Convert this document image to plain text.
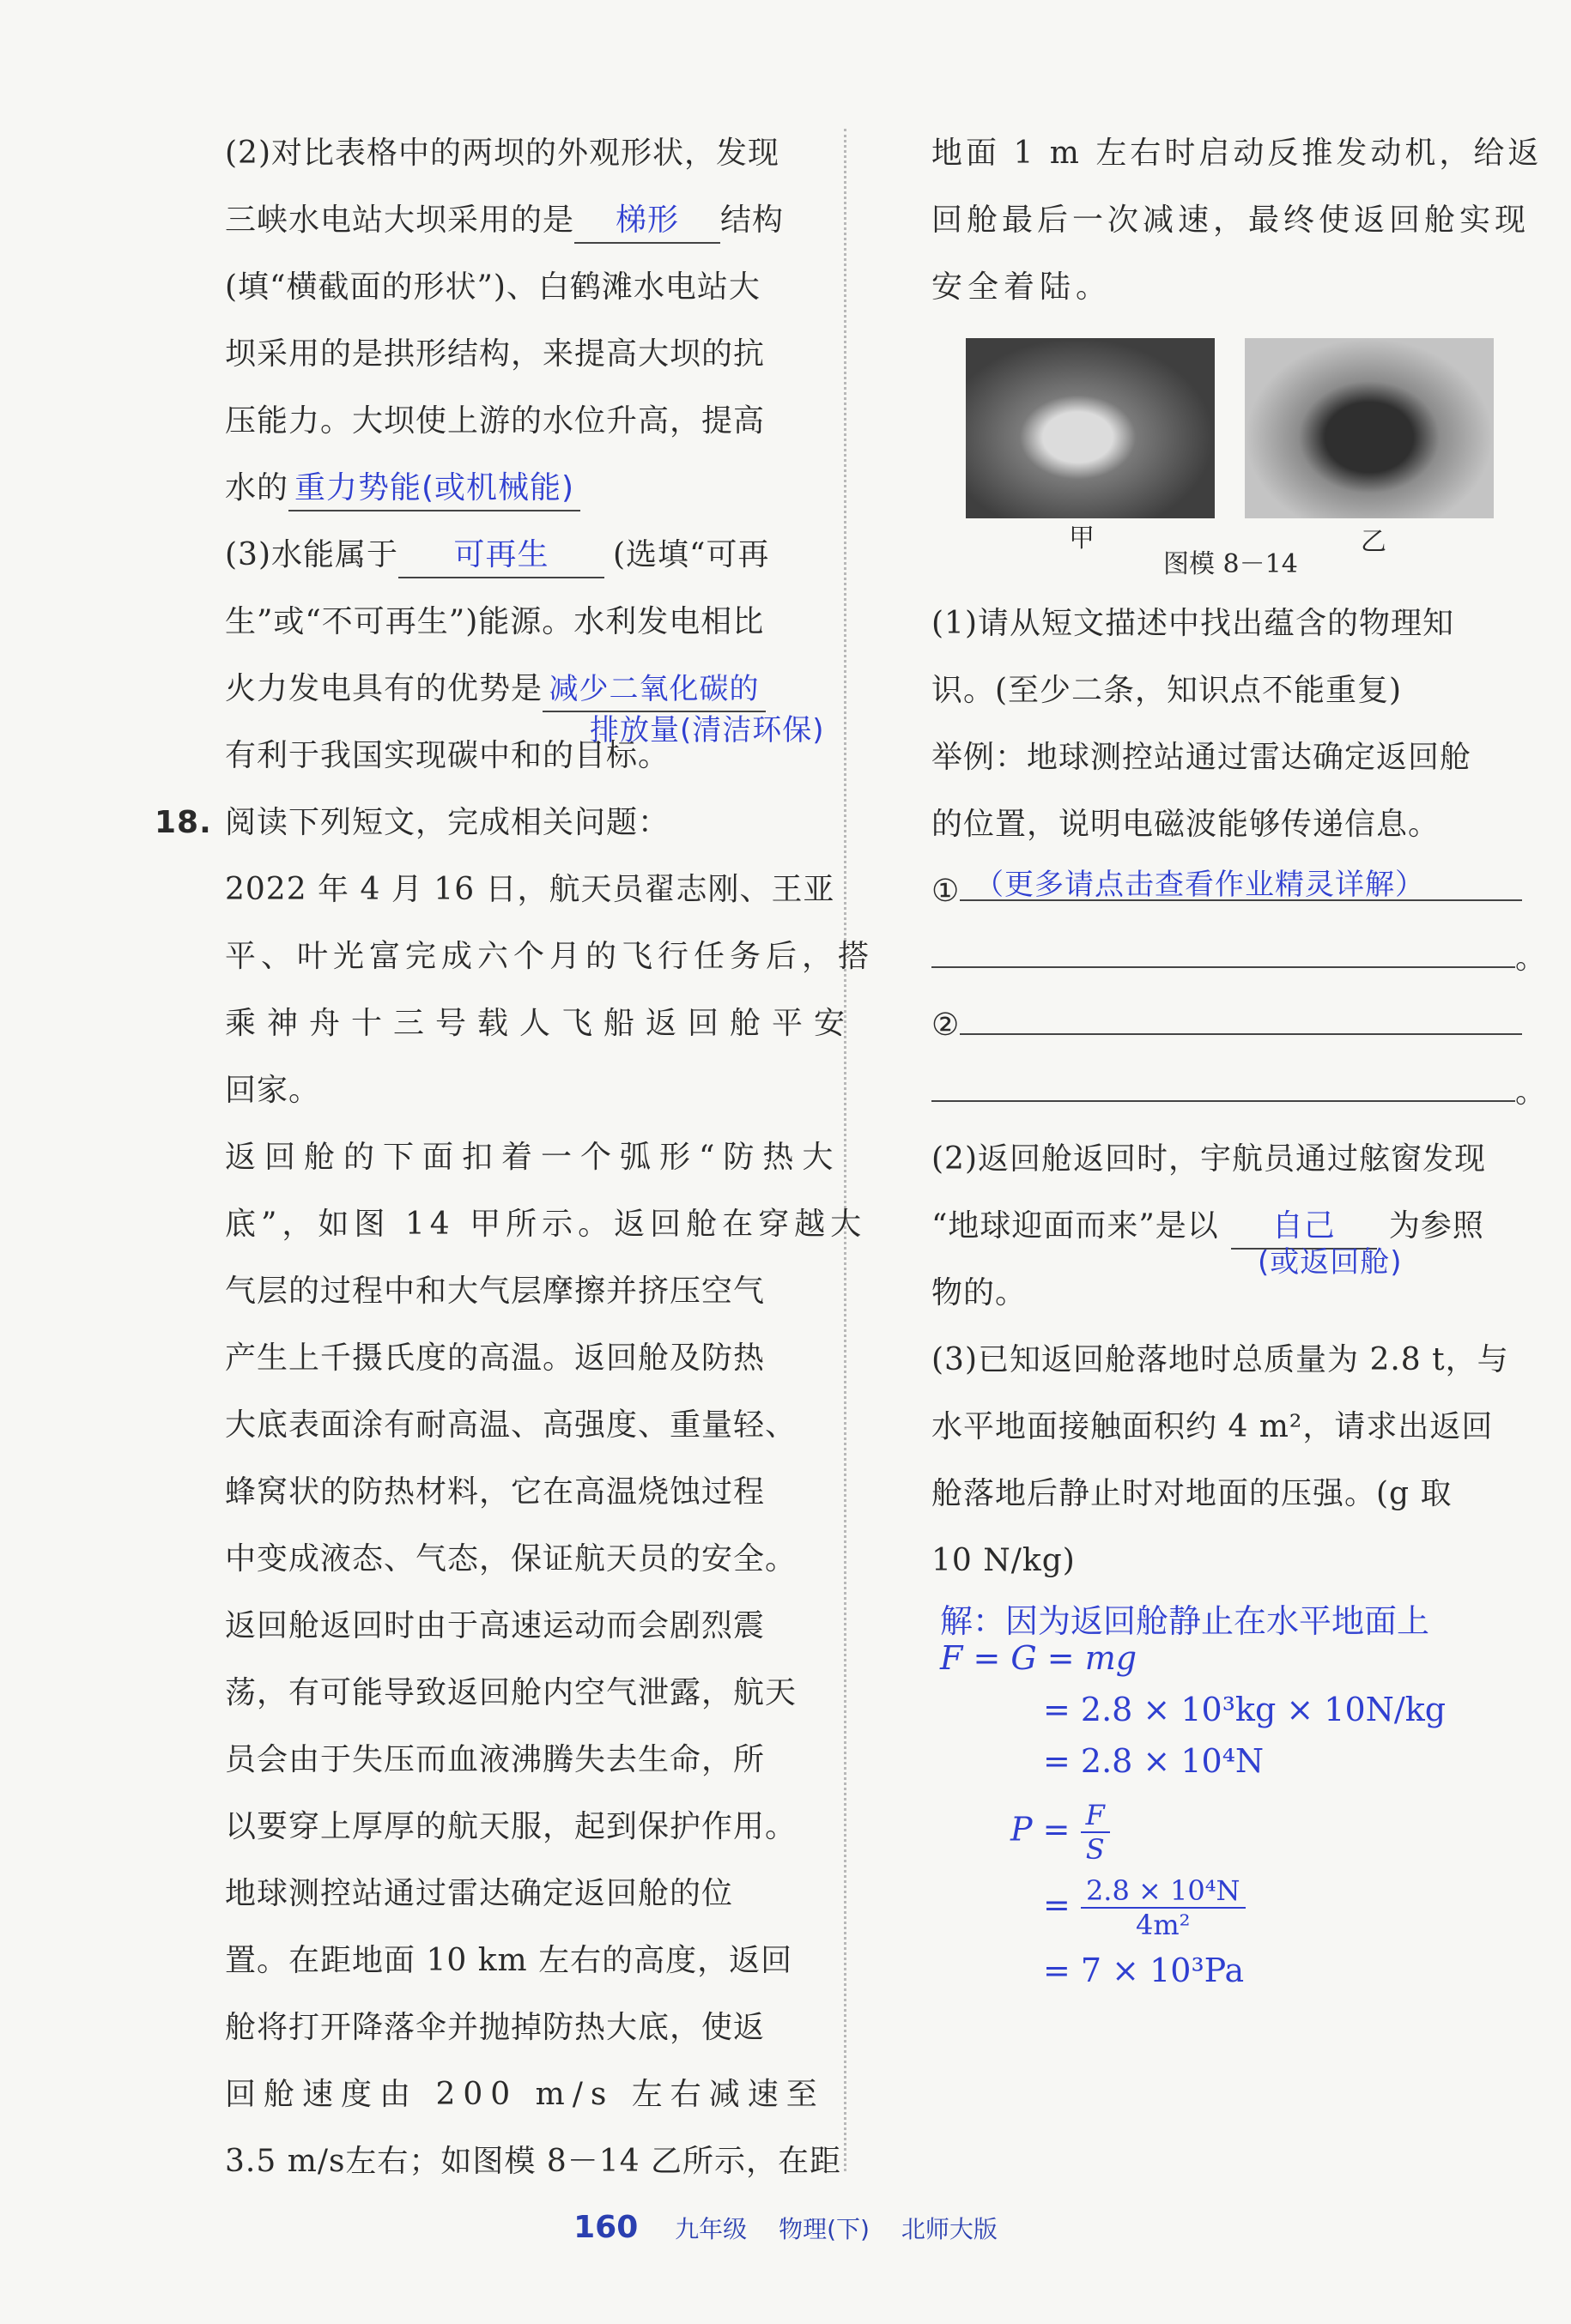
(2)对比表格中的两坝的外观形状，发现

三峡水电站大坝采用的是 梯形 结构

(填“横截面的形状”)、白鹤滩水电站大

坝采用的是拱形结构，来提高大坝的抗

压能力。大坝使上游的水位升高，提高

水的 重力势能(或机械能)

(3)水能属于 可再生 (选填“可再

生”或“不可再生”)能源。水利发电相比

火力发电具有的优势是 减少二氧化碳的

有利于我国实现碳中和的目标。
排放量(清洁环保)

18. 阅读下列短文，完成相关问题：

2022 年 4 月 16 日，航天员翟志刚、王亚

平、叶光富完成六个月的飞行任务后，搭

乘神舟十三号载人飞船返回舱平安

回家。

返回舱的下面扣着一个弧形“防热大

底”，如图 14 甲所示。返回舱在穿越大

气层的过程中和大气层摩擦并挤压空气

产生上千摄氏度的高温。返回舱及防热

大底表面涂有耐高温、高强度、重量轻、

蜂窝状的防热材料，它在高温烧蚀过程

中变成液态、气态，保证航天员的安全。

返回舱返回时由于高速运动而会剧烈震

荡，有可能导致返回舱内空气泄露，航天

员会由于失压而血液沸腾失去生命，所

以要穿上厚厚的航天服，起到保护作用。

地球测控站通过雷达确定返回舱的位

置。在距地面 10 km 左右的高度，返回

舱将打开降落伞并抛掉防热大底，使返

回舱速度由 200 m/s 左右减速至

3.5 m/s左右；如图模 8－14 乙所示，在距

地面 1 m 左右时启动反推发动机，给返

回舱最后一次减速，最终使返回舱实现

安全着陆。

甲	乙

图模 8－14

(1)请从短文描述中找出蕴含的物理知

识。(至少二条，知识点不能重复)

举例：地球测控站通过雷达确定返回舱

的位置，说明电磁波能够传递信息。

① （更多请点击查看作业精灵详解）

。

②

。

(2)返回舱返回时，宇航员通过舷窗发现

“地球迎面而来”是以 自己 为参照
(或返回舱)

物的。

(3)已知返回舱落地时总质量为 2.8 t，与

水平地面接触面积约 4 m²，请求出返回

舱落地后静止时对地面的压强。(g 取

10 N/kg)

解：因为返回舱静止在水平地面上
F = G = mg
= 2.8 × 10³kg × 10N/kg
= 2.8 × 10⁴N
$P = \frac{F}{S}$
= $\frac{\text{2.8 × 10⁴N}}{\text{4m²}}$
= 7 × 10³Pa
160 九年级 物理(下) 北师大版
